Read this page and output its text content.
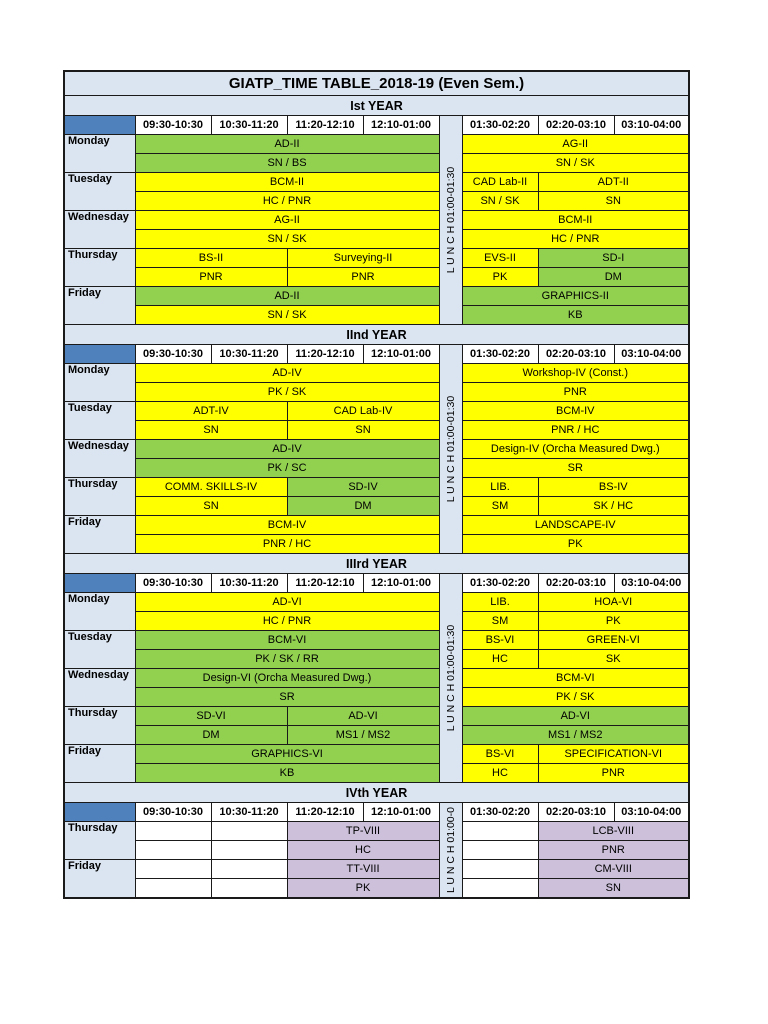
GIATP_TIME TABLE_2018-19 (Even Sem.)								
Ist YEAR								
	09:30-10:30	10:30-11:20	11:20-12:10	12:10-01:00	L U N C H 01:00-01:30	01:30-02:20	02:20-03:10	03:10-04:00
Monday	AD-II					AG-II		
	SN / BS					SN / SK		
Tuesday	BCM-II					CAD Lab-II	ADT-II	
	HC / PNR					SN / SK	SN	
Wednesday	AG-II					BCM-II		
	SN / SK					HC / PNR		
Thursday	BS-II		Surveying-II			EVS-II	SD-I	
	PNR		PNR			PK	DM	
Friday	AD-II					GRAPHICS-II		
	SN / SK					KB		
IInd YEAR								
	09:30-10:30	10:30-11:20	11:20-12:10	12:10-01:00	L U N C H 01:00-01:30	01:30-02:20	02:20-03:10	03:10-04:00
Monday	AD-IV					Workshop-IV (Const.)		
	PK / SK					PNR		
Tuesday	ADT-IV		CAD Lab-IV			BCM-IV		
	SN		SN			PNR / HC		
Wednesday	AD-IV					Design-IV (Orcha Measured Dwg.)		
	PK / SC					SR		
Thursday	COMM. SKILLS-IV		SD-IV			LIB.	BS-IV	
	SN		DM			SM	SK / HC	
Friday	BCM-IV					LANDSCAPE-IV		
	PNR / HC					PK		
IIIrd YEAR								
	09:30-10:30	10:30-11:20	11:20-12:10	12:10-01:00	L U N C H 01:00-01:30	01:30-02:20	02:20-03:10	03:10-04:00
Monday	AD-VI					LIB.	HOA-VI	
	HC / PNR					SM	PK	
Tuesday	BCM-VI					BS-VI	GREEN-VI	
	PK / SK / RR					HC	SK	
Wednesday	Design-VI (Orcha Measured Dwg.)					BCM-VI		
	SR					PK / SK		
Thursday	SD-VI		AD-VI			AD-VI		
	DM		MS1 / MS2			MS1 / MS2		
Friday	GRAPHICS-VI					BS-VI	SPECIFICATION-VI	
	KB					HC	PNR	
IVth YEAR								
	09:30-10:30	10:30-11:20	11:20-12:10	12:10-01:00	L U N C H 01:00-0	01:30-02:20	02:20-03:10	03:10-04:00
Thursday			TP-VIII				LCB-VIII	
			HC				PNR	
Friday			TT-VIII				CM-VIII	
			PK				SN	
